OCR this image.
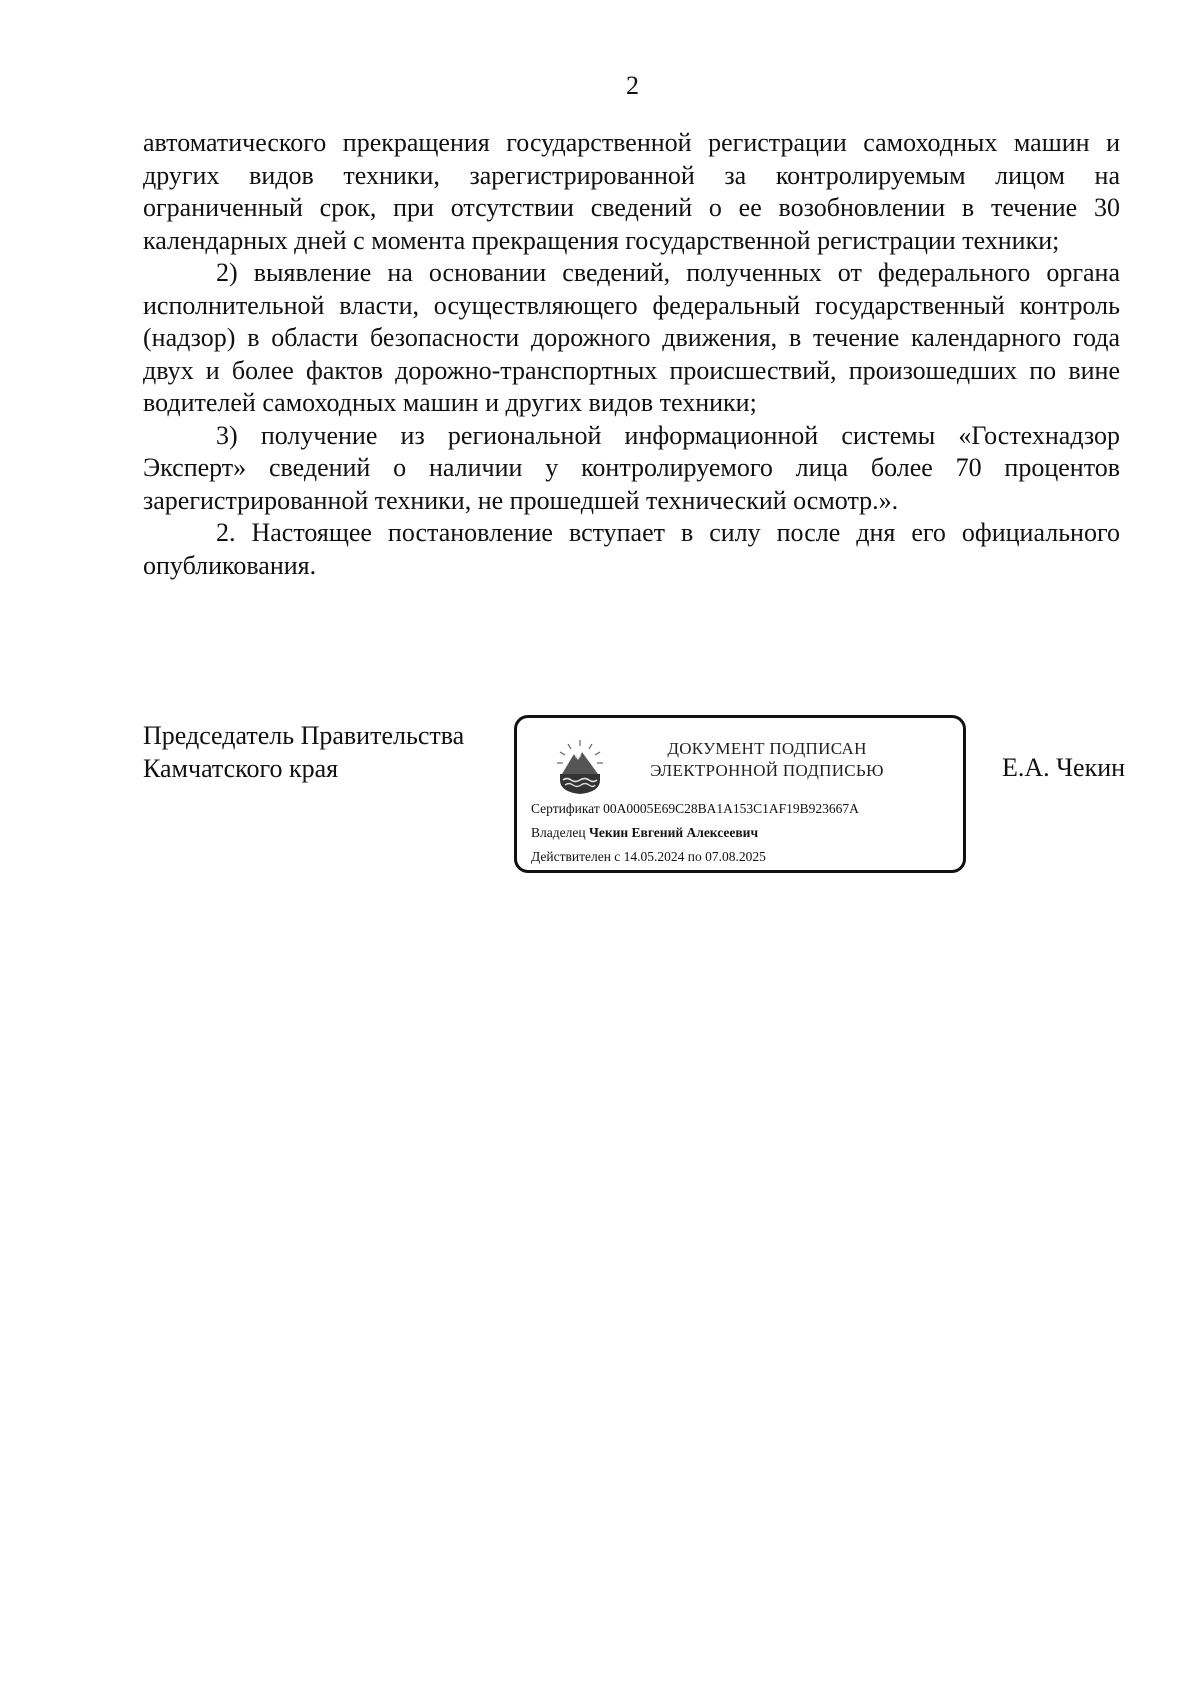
2

автоматического прекращения государственной регистрации самоходных машин и других видов техники, зарегистрированной за контролируемым лицом на ограниченный срок, при отсутствии сведений о ее возобновлении в течение 30 календарных дней с момента прекращения государственной регистрации техники;

2) выявление на основании сведений, полученных от федерального органа исполнительной власти, осуществляющего федеральный государственный контроль (надзор) в области безопасности дорожного движения, в течение календарного года двух и более фактов дорожно-транспортных происшествий, произошедших по вине водителей самоходных машин и других видов техники;

3) получение из региональной информационной системы «Гостехнадзор Эксперт» сведений о наличии у контролируемого лица более 70 процентов зарегистрированной техники, не прошедшей технический осмотр.».

2. Настоящее постановление вступает в силу после дня его официального опубликования.

Председатель Правительства
Камчатского края
ДОКУМЕНТ ПОДПИСАН
ЭЛЕКТРОННОЙ ПОДПИСЬЮ
Сертификат 00A0005E69C28BA1A153C1AF19B923667A
Владелец Чекин Евгений Алексеевич
Действителен с 14.05.2024 по 07.08.2025
Е.А. Чекин
